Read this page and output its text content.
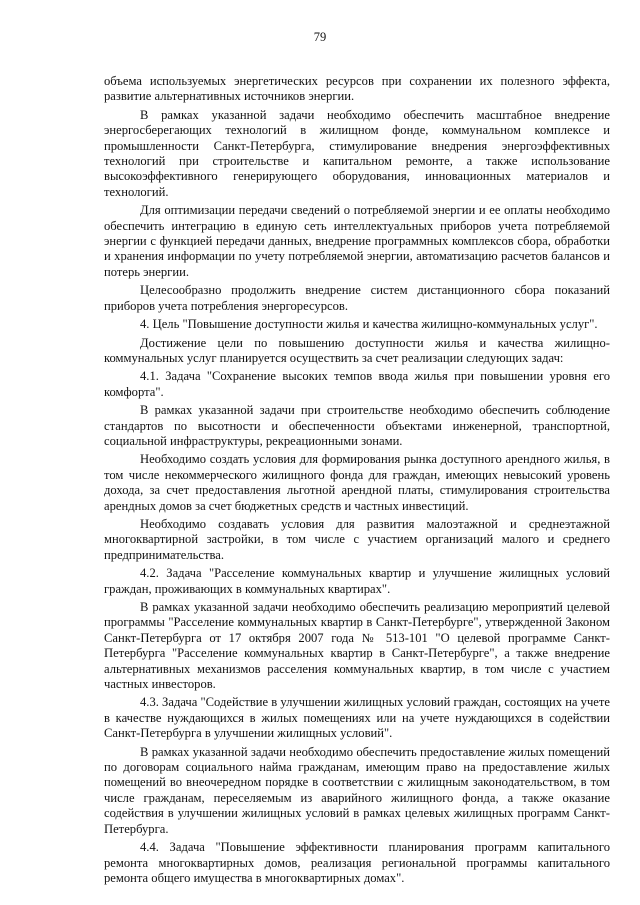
79

объема используемых энергетических ресурсов при сохранении их полезного эффекта, развитие альтернативных источников энергии.

В рамках указанной задачи необходимо обеспечить масштабное внедрение энергосберегающих технологий в жилищном фонде, коммунальном комплексе и промышленности Санкт-Петербурга, стимулирование внедрения энергоэффективных технологий при строительстве и капитальном ремонте, а также использование высокоэффективного генерирующего оборудования, инновационных материалов и технологий.

Для оптимизации передачи сведений о потребляемой энергии и ее оплаты необходимо обеспечить интеграцию в единую сеть интеллектуальных приборов учета потребляемой энергии с функцией передачи данных, внедрение программных комплексов сбора, обработки и хранения информации по учету потребляемой энергии, автоматизацию расчетов балансов и потерь энергии.

Целесообразно продолжить внедрение систем дистанционного сбора показаний приборов учета потребления энергоресурсов.

4. Цель "Повышение доступности жилья и качества жилищно-коммунальных услуг".

Достижение цели по повышению доступности жилья и качества жилищно-коммунальных услуг планируется осуществить за счет реализации следующих задач:

4.1. Задача "Сохранение высоких темпов ввода жилья при повышении уровня его комфорта".

В рамках указанной задачи при строительстве необходимо обеспечить соблюдение стандартов по высотности и обеспеченности объектами инженерной, транспортной, социальной инфраструктуры, рекреационными зонами.

Необходимо создать условия для формирования рынка доступного арендного жилья, в том числе некоммерческого жилищного фонда для граждан, имеющих невысокий уровень дохода, за счет предоставления льготной арендной платы, стимулирования строительства арендных домов за счет бюджетных средств и частных инвестиций.

Необходимо создавать условия для развития малоэтажной и среднеэтажной многоквартирной застройки, в том числе с участием организаций малого и среднего предпринимательства.

4.2. Задача "Расселение коммунальных квартир и улучшение жилищных условий граждан, проживающих в коммунальных квартирах".

В рамках указанной задачи необходимо обеспечить реализацию мероприятий целевой программы "Расселение коммунальных квартир в Санкт-Петербурге", утвержденной Законом Санкт-Петербурга от 17 октября 2007 года № 513-101 "О целевой программе Санкт-Петербурга "Расселение коммунальных квартир в Санкт-Петербурге", а также внедрение альтернативных механизмов расселения коммунальных квартир, в том числе с участием частных инвесторов.

4.3. Задача "Содействие в улучшении жилищных условий граждан, состоящих на учете в качестве нуждающихся в жилых помещениях или на учете нуждающихся в содействии Санкт-Петербурга в улучшении жилищных условий".

В рамках указанной задачи необходимо обеспечить предоставление жилых помещений по договорам социального найма гражданам, имеющим право на предоставление жилых помещений во внеочередном порядке в соответствии с жилищным законодательством, в том числе гражданам, переселяемым из аварийного жилищного фонда, а также оказание содействия в улучшении жилищных условий в рамках целевых жилищных программ Санкт-Петербурга.

4.4. Задача "Повышение эффективности планирования программ капитального ремонта многоквартирных домов, реализация региональной программы капитального ремонта общего имущества в многоквартирных домах".
